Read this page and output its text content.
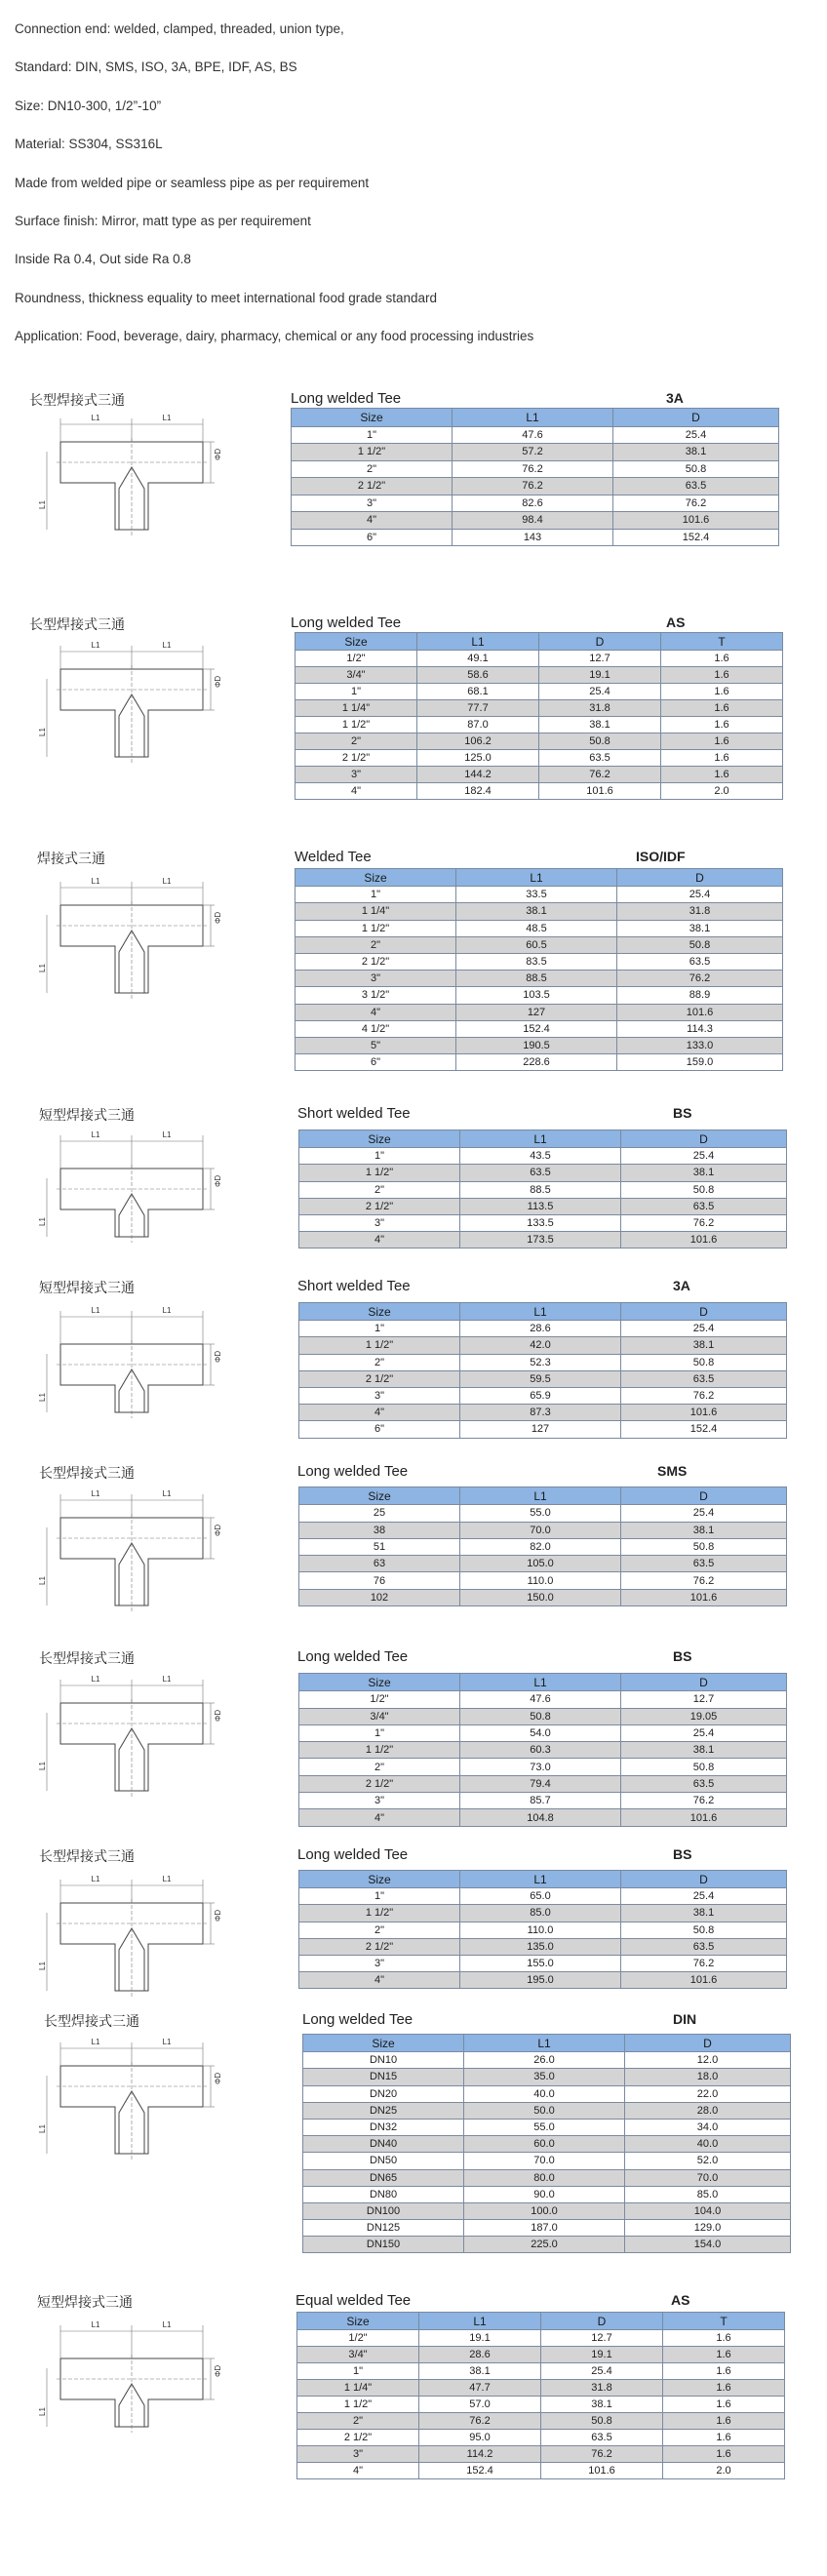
Connection end: welded, clamped, threaded, union type,
Standard: DIN, SMS, ISO, 3A, BPE, IDF, AS, BS
Size: DN10-300, 1/2”-10”
Material: SS304, SS316L
Made from welded pipe or seamless pipe as per requirement
Surface finish: Mirror, matt type as per requirement
Inside Ra 0.4, Out side Ra 0.8
Roundness, thickness equality to meet international food grade standard
Application: Food, beverage, dairy, pharmacy, chemical or any food processing industries
长型焊接式三通
L1	L1
L1
ΦD
Long welded Tee	3A
Size	L1	D
1"	47.6	25.4
1 1/2"	57.2	38.1
2"	76.2	50.8
2 1/2"	76.2	63.5
3"	82.6	76.2
4"	98.4	101.6
6"	143	152.4
长型焊接式三通
L1	L1
L1
ΦD
Long welded Tee	AS
Size	L1	D	T
1/2"	49.1	12.7	1.6
3/4"	58.6	19.1	1.6
1"	68.1	25.4	1.6
1 1/4"	77.7	31.8	1.6
1 1/2"	87.0	38.1	1.6
2"	106.2	50.8	1.6
2 1/2"	125.0	63.5	1.6
3"	144.2	76.2	1.6
4"	182.4	101.6	2.0
焊接式三通
L1	L1
L1
ΦD
Welded Tee	ISO/IDF
Size	L1	D
1"	33.5	25.4
1 1/4"	38.1	31.8
1 1/2"	48.5	38.1
2"	60.5	50.8
2 1/2"	83.5	63.5
3"	88.5	76.2
3 1/2"	103.5	88.9
4"	127	101.6
4 1/2"	152.4	114.3
5"	190.5	133.0
6"	228.6	159.0
短型焊接式三通
L1	L1
L1
ΦD
Short welded Tee	BS
Size	L1	D
1"	43.5	25.4
1 1/2"	63.5	38.1
2"	88.5	50.8
2 1/2"	113.5	63.5
3"	133.5	76.2
4"	173.5	101.6
短型焊接式三通
L1	L1
L1
ΦD
Short welded Tee	3A
Size	L1	D
1"	28.6	25.4
1 1/2"	42.0	38.1
2"	52.3	50.8
2 1/2"	59.5	63.5
3"	65.9	76.2
4"	87.3	101.6
6"	127	152.4
长型焊接式三通
L1	L1
L1
ΦD
Long welded Tee	SMS
Size	L1	D
25	55.0	25.4
38	70.0	38.1
51	82.0	50.8
63	105.0	63.5
76	110.0	76.2
102	150.0	101.6
长型焊接式三通
L1	L1
L1
ΦD
Long welded Tee	BS
Size	L1	D
1/2"	47.6	12.7
3/4"	50.8	19.05
1"	54.0	25.4
1 1/2"	60.3	38.1
2"	73.0	50.8
2 1/2"	79.4	63.5
3"	85.7	76.2
4"	104.8	101.6
长型焊接式三通
L1	L1
L1
ΦD
Long welded Tee	BS
Size	L1	D
1"	65.0	25.4
1 1/2"	85.0	38.1
2"	110.0	50.8
2 1/2"	135.0	63.5
3"	155.0	76.2
4"	195.0	101.6
长型焊接式三通
L1	L1
L1
ΦD
Long welded Tee	DIN
Size	L1	D
DN10	26.0	12.0
DN15	35.0	18.0
DN20	40.0	22.0
DN25	50.0	28.0
DN32	55.0	34.0
DN40	60.0	40.0
DN50	70.0	52.0
DN65	80.0	70.0
DN80	90.0	85.0
DN100	100.0	104.0
DN125	187.0	129.0
DN150	225.0	154.0
短型焊接式三通
L1	L1
L1
ΦD
Equal welded Tee	AS
Size	L1	D	T
1/2"	19.1	12.7	1.6
3/4"	28.6	19.1	1.6
1"	38.1	25.4	1.6
1 1/4"	47.7	31.8	1.6
1 1/2"	57.0	38.1	1.6
2"	76.2	50.8	1.6
2 1/2"	95.0	63.5	1.6
3"	114.2	76.2	1.6
4"	152.4	101.6	2.0
